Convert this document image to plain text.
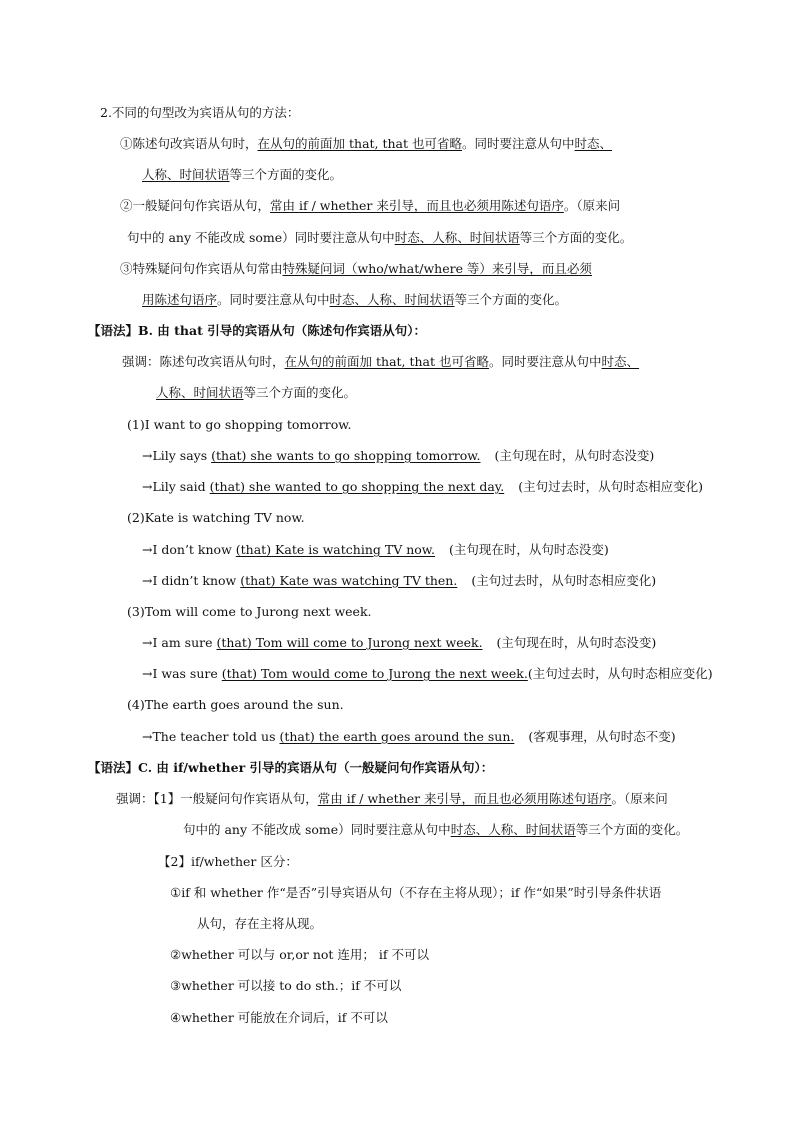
2.不同的句型改为宾语从句的方法：
①陈述句改宾语从句时，在从句的前面加 that, that 也可省略。同时要注意从句中时态、
人称、时间状语等三个方面的变化。
②一般疑问句作宾语从句，常由 if / whether 来引导，而且也必须用陈述句语序。（原来问
句中的 any 不能改成 some）同时要注意从句中时态、人称、时间状语等三个方面的变化。
③特殊疑问句作宾语从句常由特殊疑问词（who/what/where 等）来引导，而且必须
用陈述句语序。同时要注意从句中时态、人称、时间状语等三个方面的变化。
【语法】B. 由 that 引导的宾语从句（陈述句作宾语从句）：
强调：陈述句改宾语从句时，在从句的前面加 that, that 也可省略。同时要注意从句中时态、
人称、时间状语等三个方面的变化。
(1)I want to go shopping tomorrow.
→Lily says (that) she wants to go shopping tomorrow. (主句现在时，从句时态没变)
→Lily said (that) she wanted to go shopping the next day. (主句过去时，从句时态相应变化)
(2)Kate is watching TV now.
→I don’t know (that) Kate is watching TV now. (主句现在时，从句时态没变)
→I didn’t know (that) Kate was watching TV then. (主句过去时，从句时态相应变化)
(3)Tom will come to Jurong next week.
→I am sure (that) Tom will come to Jurong next week. (主句现在时，从句时态没变)
→I was sure (that) Tom would come to Jurong the next week.(主句过去时，从句时态相应变化)
(4)The earth goes around the sun.
→The teacher told us (that) the earth goes around the sun. (客观事理，从句时态不变)
【语法】C. 由 if/whether 引导的宾语从句（一般疑问句作宾语从句）：
强调：【1】一般疑问句作宾语从句，常由 if / whether 来引导，而且也必须用陈述句语序。（原来问
句中的 any 不能改成 some）同时要注意从句中时态、人称、时间状语等三个方面的变化。
【2】if/whether 区分：
①if 和 whether 作“是否”引导宾语从句（不存在主将从现）；if 作“如果”时引导条件状语
从句，存在主将从现。
②whether 可以与 or,or not 连用； if 不可以
③whether 可以接 to do sth.；if 不可以
④whether 可能放在介词后，if 不可以
